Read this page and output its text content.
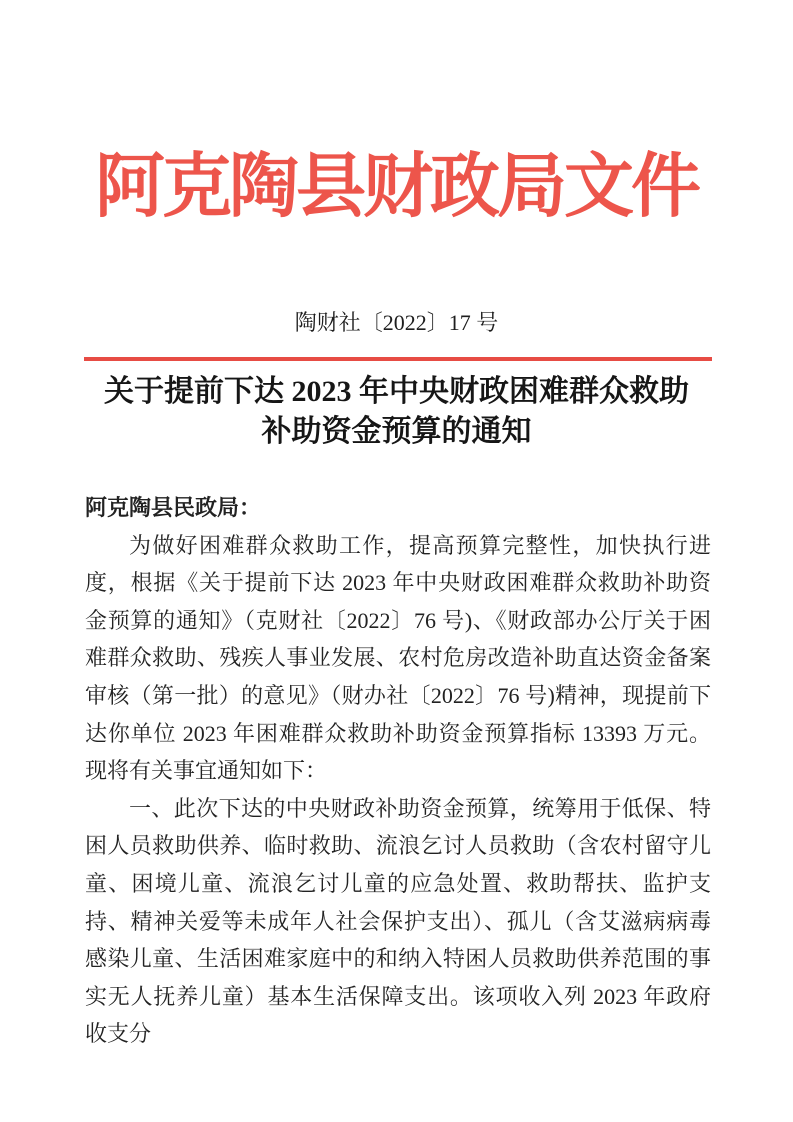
阿克陶县财政局文件
陶财社〔2022〕17 号
关于提前下达 2023 年中央财政困难群众救助
补助资金预算的通知

阿克陶县民政局：

为做好困难群众救助工作，提高预算完整性，加快执行进度，根据《关于提前下达 2023 年中央财政困难群众救助补助资金预算的通知》（克财社〔2022〕76 号)、《财政部办公厅关于困难群众救助、残疾人事业发展、农村危房改造补助直达资金备案审核（第一批）的意见》（财办社〔2022〕76 号)精神，现提前下达你单位 2023 年困难群众救助补助资金预算指标 13393 万元。现将有关事宜通知如下：

一、此次下达的中央财政补助资金预算，统筹用于低保、特困人员救助供养、临时救助、流浪乞讨人员救助（含农村留守儿童、困境儿童、流浪乞讨儿童的应急处置、救助帮扶、监护支持、精神关爱等未成年人社会保护支出）、孤儿（含艾滋病病毒感染儿童、生活困难家庭中的和纳入特困人员救助供养范围的事实无人抚养儿童）基本生活保障支出。该项收入列 2023 年政府收支分
